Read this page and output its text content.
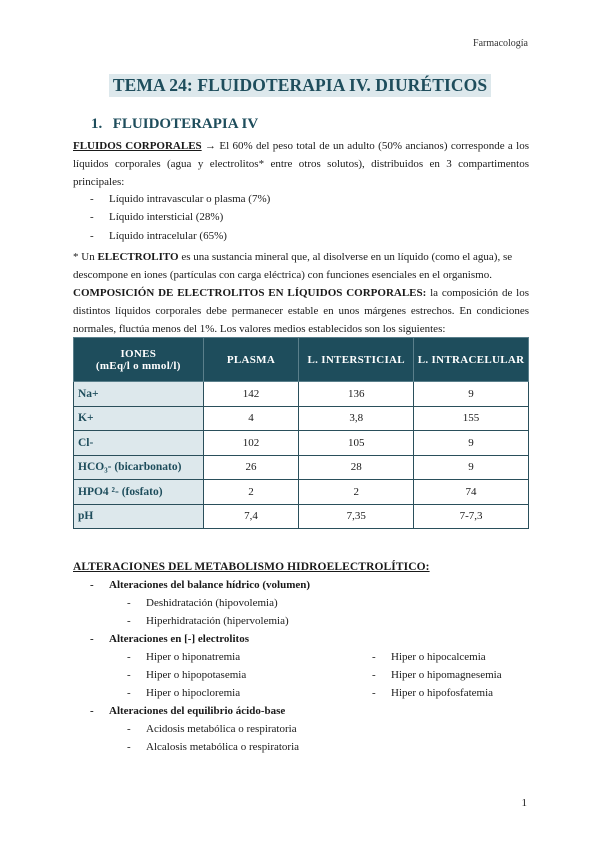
Farmacología
TEMA 24: FLUIDOTERAPIA IV. DIURÉTICOS
1. FLUIDOTERAPIA IV
FLUIDOS CORPORALES → El 60% del peso total de un adulto (50% ancianos) corresponde a los líquidos corporales (agua y electrolitos* entre otros solutos), distribuidos en 3 compartimentos principales:
- Líquido intravascular o plasma (7%)
- Líquido intersticial (28%)
- Líquido intracelular (65%)
* Un ELECTROLITO es una sustancia mineral que, al disolverse en un líquido (como el agua), se descompone en iones (partículas con carga eléctrica) con funciones esenciales en el organismo.
COMPOSICIÓN DE ELECTROLITOS EN LÍQUIDOS CORPORALES: la composición de los distintos líquidos corporales debe permanecer estable en unos márgenes estrechos. En condiciones normales, fluctúa menos del 1%. Los valores medios establecidos son los siguientes:
IONES
(mEq/l o mmol/l)	PLASMA	L. INTERSTICIAL	L. INTRACELULAR
Na+	142	136	9
K+	4	3,8	155
Cl-	102	105	9
HCO₃- (bicarbonato)	26	28	9
HPO4 ²- (fosfato)	2	2	74
pH	7,4	7,35	7-7,3
ALTERACIONES DEL METABOLISMO HIDROELECTROLÍTICO:
- Alteraciones del balance hídrico (volumen)
- Deshidratación (hipovolemia)
- Hiperhidratación (hipervolemia)
- Alteraciones en [-] electrolitos
- Hiper o hiponatremia
- Hiper o hipopotasemia
- Hiper o hipocloremia
- Hiper o hipocalcemia
- Hiper o hipomagnesemia
- Hiper o hipofosfatemia
- Alteraciones del equilibrio ácido-base
- Acidosis metabólica o respiratoria
- Alcalosis metabólica o respiratoria
1
